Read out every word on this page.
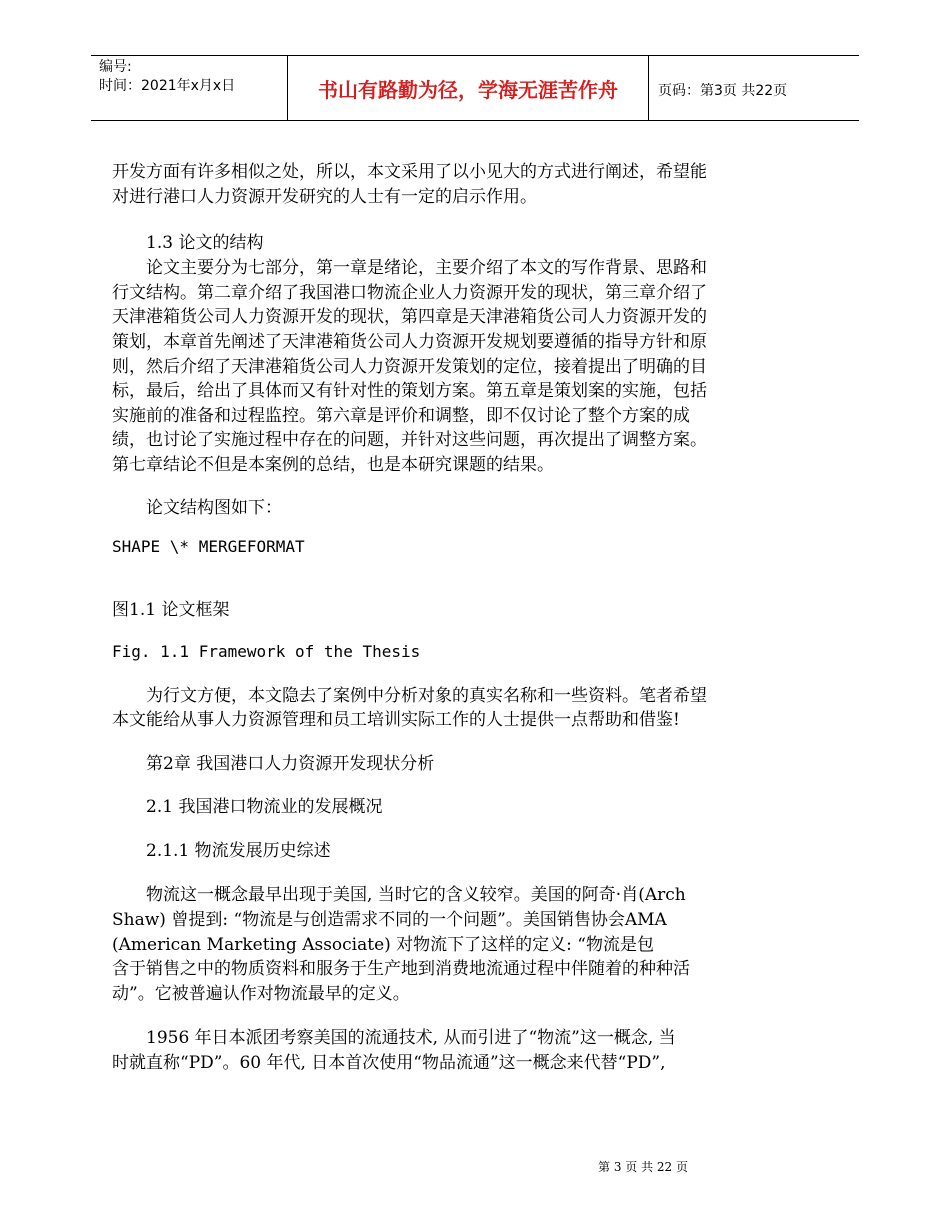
编号:
时间：2021年x月x日	书山有路勤为径，学海无涯苦作舟	页码：第3页 共22页
开发方面有许多相似之处，所以，本文采用了以小见大的方式进行阐述，希望能
对进行港口人力资源开发研究的人士有一定的启示作用。
　　1.3 论文的结构
　　论文主要分为七部分，第一章是绪论，主要介绍了本文的写作背景、思路和
行文结构。第二章介绍了我国港口物流企业人力资源开发的现状，第三章介绍了
天津港箱货公司人力资源开发的现状，第四章是天津港箱货公司人力资源开发的
策划，本章首先阐述了天津港箱货公司人力资源开发规划要遵循的指导方针和原
则，然后介绍了天津港箱货公司人力资源开发策划的定位，接着提出了明确的目
标，最后，给出了具体而又有针对性的策划方案。第五章是策划案的实施，包括
实施前的准备和过程监控。第六章是评价和调整，即不仅讨论了整个方案的成
绩，也讨论了实施过程中存在的问题，并针对这些问题，再次提出了调整方案。
第七章结论不但是本案例的总结，也是本研究课题的结果。
　　论文结构图如下：
SHAPE \* MERGEFORMAT
图1.1 论文框架
Fig. 1.1 Framework of the Thesis
　　为行文方便，本文隐去了案例中分析对象的真实名称和一些资料。笔者希望
本文能给从事人力资源管理和员工培训实际工作的人士提供一点帮助和借鉴!
　　第2章 我国港口人力资源开发现状分析
　　2.1 我国港口物流业的发展概况
　　2.1.1 物流发展历史综述
　　物流这一概念最早出现于美国, 当时它的含义较窄。美国的阿奇·肖(Arch
Shaw) 曾提到: “物流是与创造需求不同的一个问题”。美国销售协会AMA
(American Marketing Associate) 对物流下了这样的定义: “物流是包
含于销售之中的物质资料和服务于生产地到消费地流通过程中伴随着的种种活
动”。它被普遍认作对物流最早的定义。
　　1956 年日本派团考察美国的流通技术, 从而引进了“物流”这一概念, 当
时就直称“PD”。60 年代, 日本首次使用“物品流通”这一概念来代替“PD”,
第 3 页 共 22 页
